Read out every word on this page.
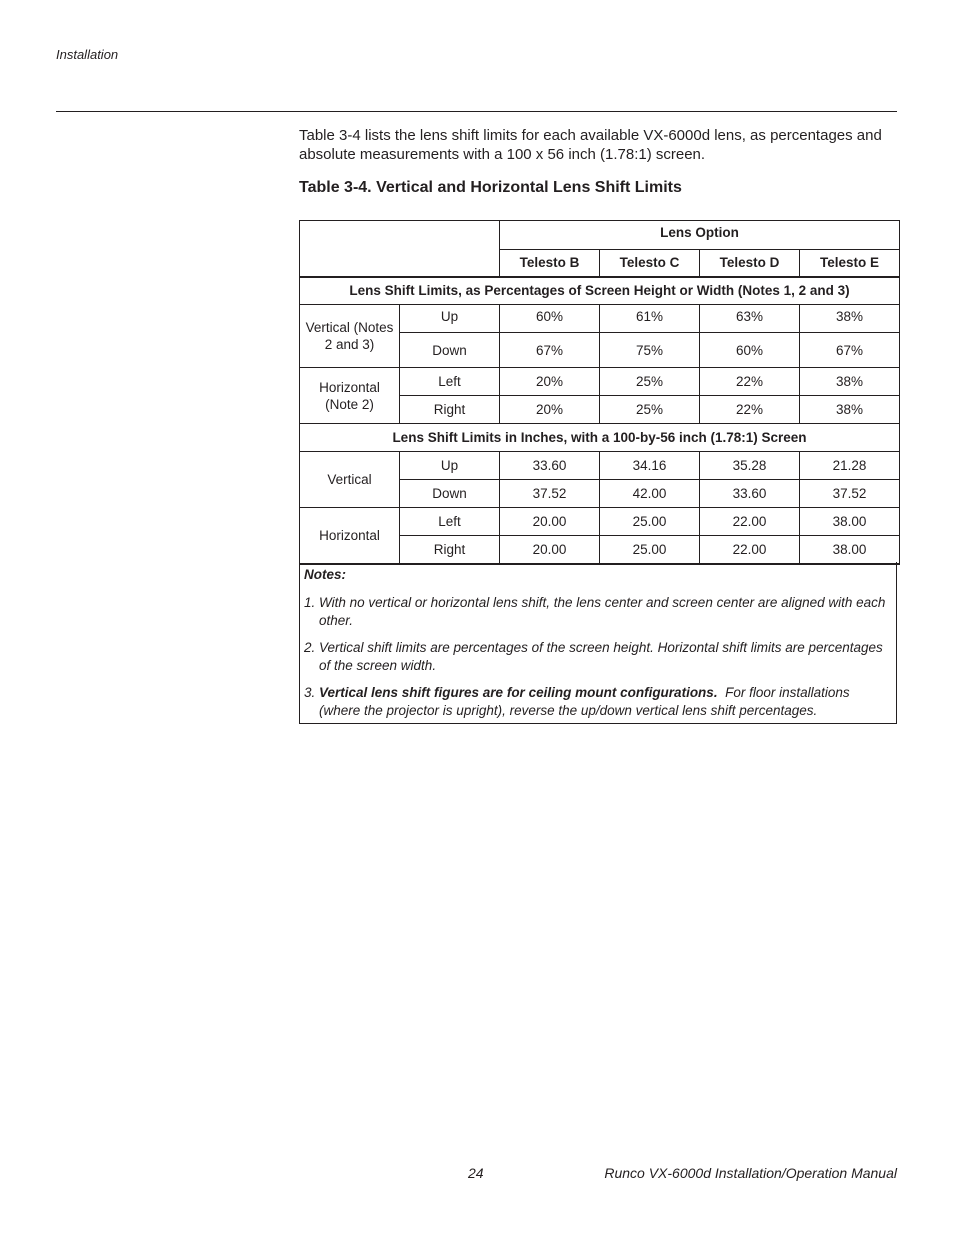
Installation

Table 3-4 lists the lens shift limits for each available VX-6000d lens, as percentages and absolute measurements with a 100 x 56 inch (1.78:1) screen.

Table 3-4. Vertical and Horizontal Lens Shift Limits
		Lens Option			
		Telesto B	Telesto C	Telesto D	Telesto E
Lens Shift Limits, as Percentages of Screen Height or Width (Notes 1, 2 and 3)					
Vertical (Notes 2 and 3)	Up	60%	61%	63%	38%
	Down	67%	75%	60%	67%
Horizontal (Note 2)	Left	20%	25%	22%	38%
	Right	20%	25%	22%	38%
Lens Shift Limits in Inches, with a 100-by-56 inch (1.78:1) Screen					
Vertical	Up	33.60	34.16	35.28	21.28
	Down	37.52	42.00	33.60	37.52
Horizontal	Left	20.00	25.00	22.00	38.00
	Right	20.00	25.00	22.00	38.00
Notes:
1. With no vertical or horizontal lens shift, the lens center and screen center are aligned with each other.
2. Vertical shift limits are percentages of the screen height. Horizontal shift limits are percentages of the screen width.
3. Vertical lens shift figures are for ceiling mount configurations. For floor installations (where the projector is upright), reverse the up/down vertical lens shift percentages.
24	Runco VX-6000d Installation/Operation Manual
